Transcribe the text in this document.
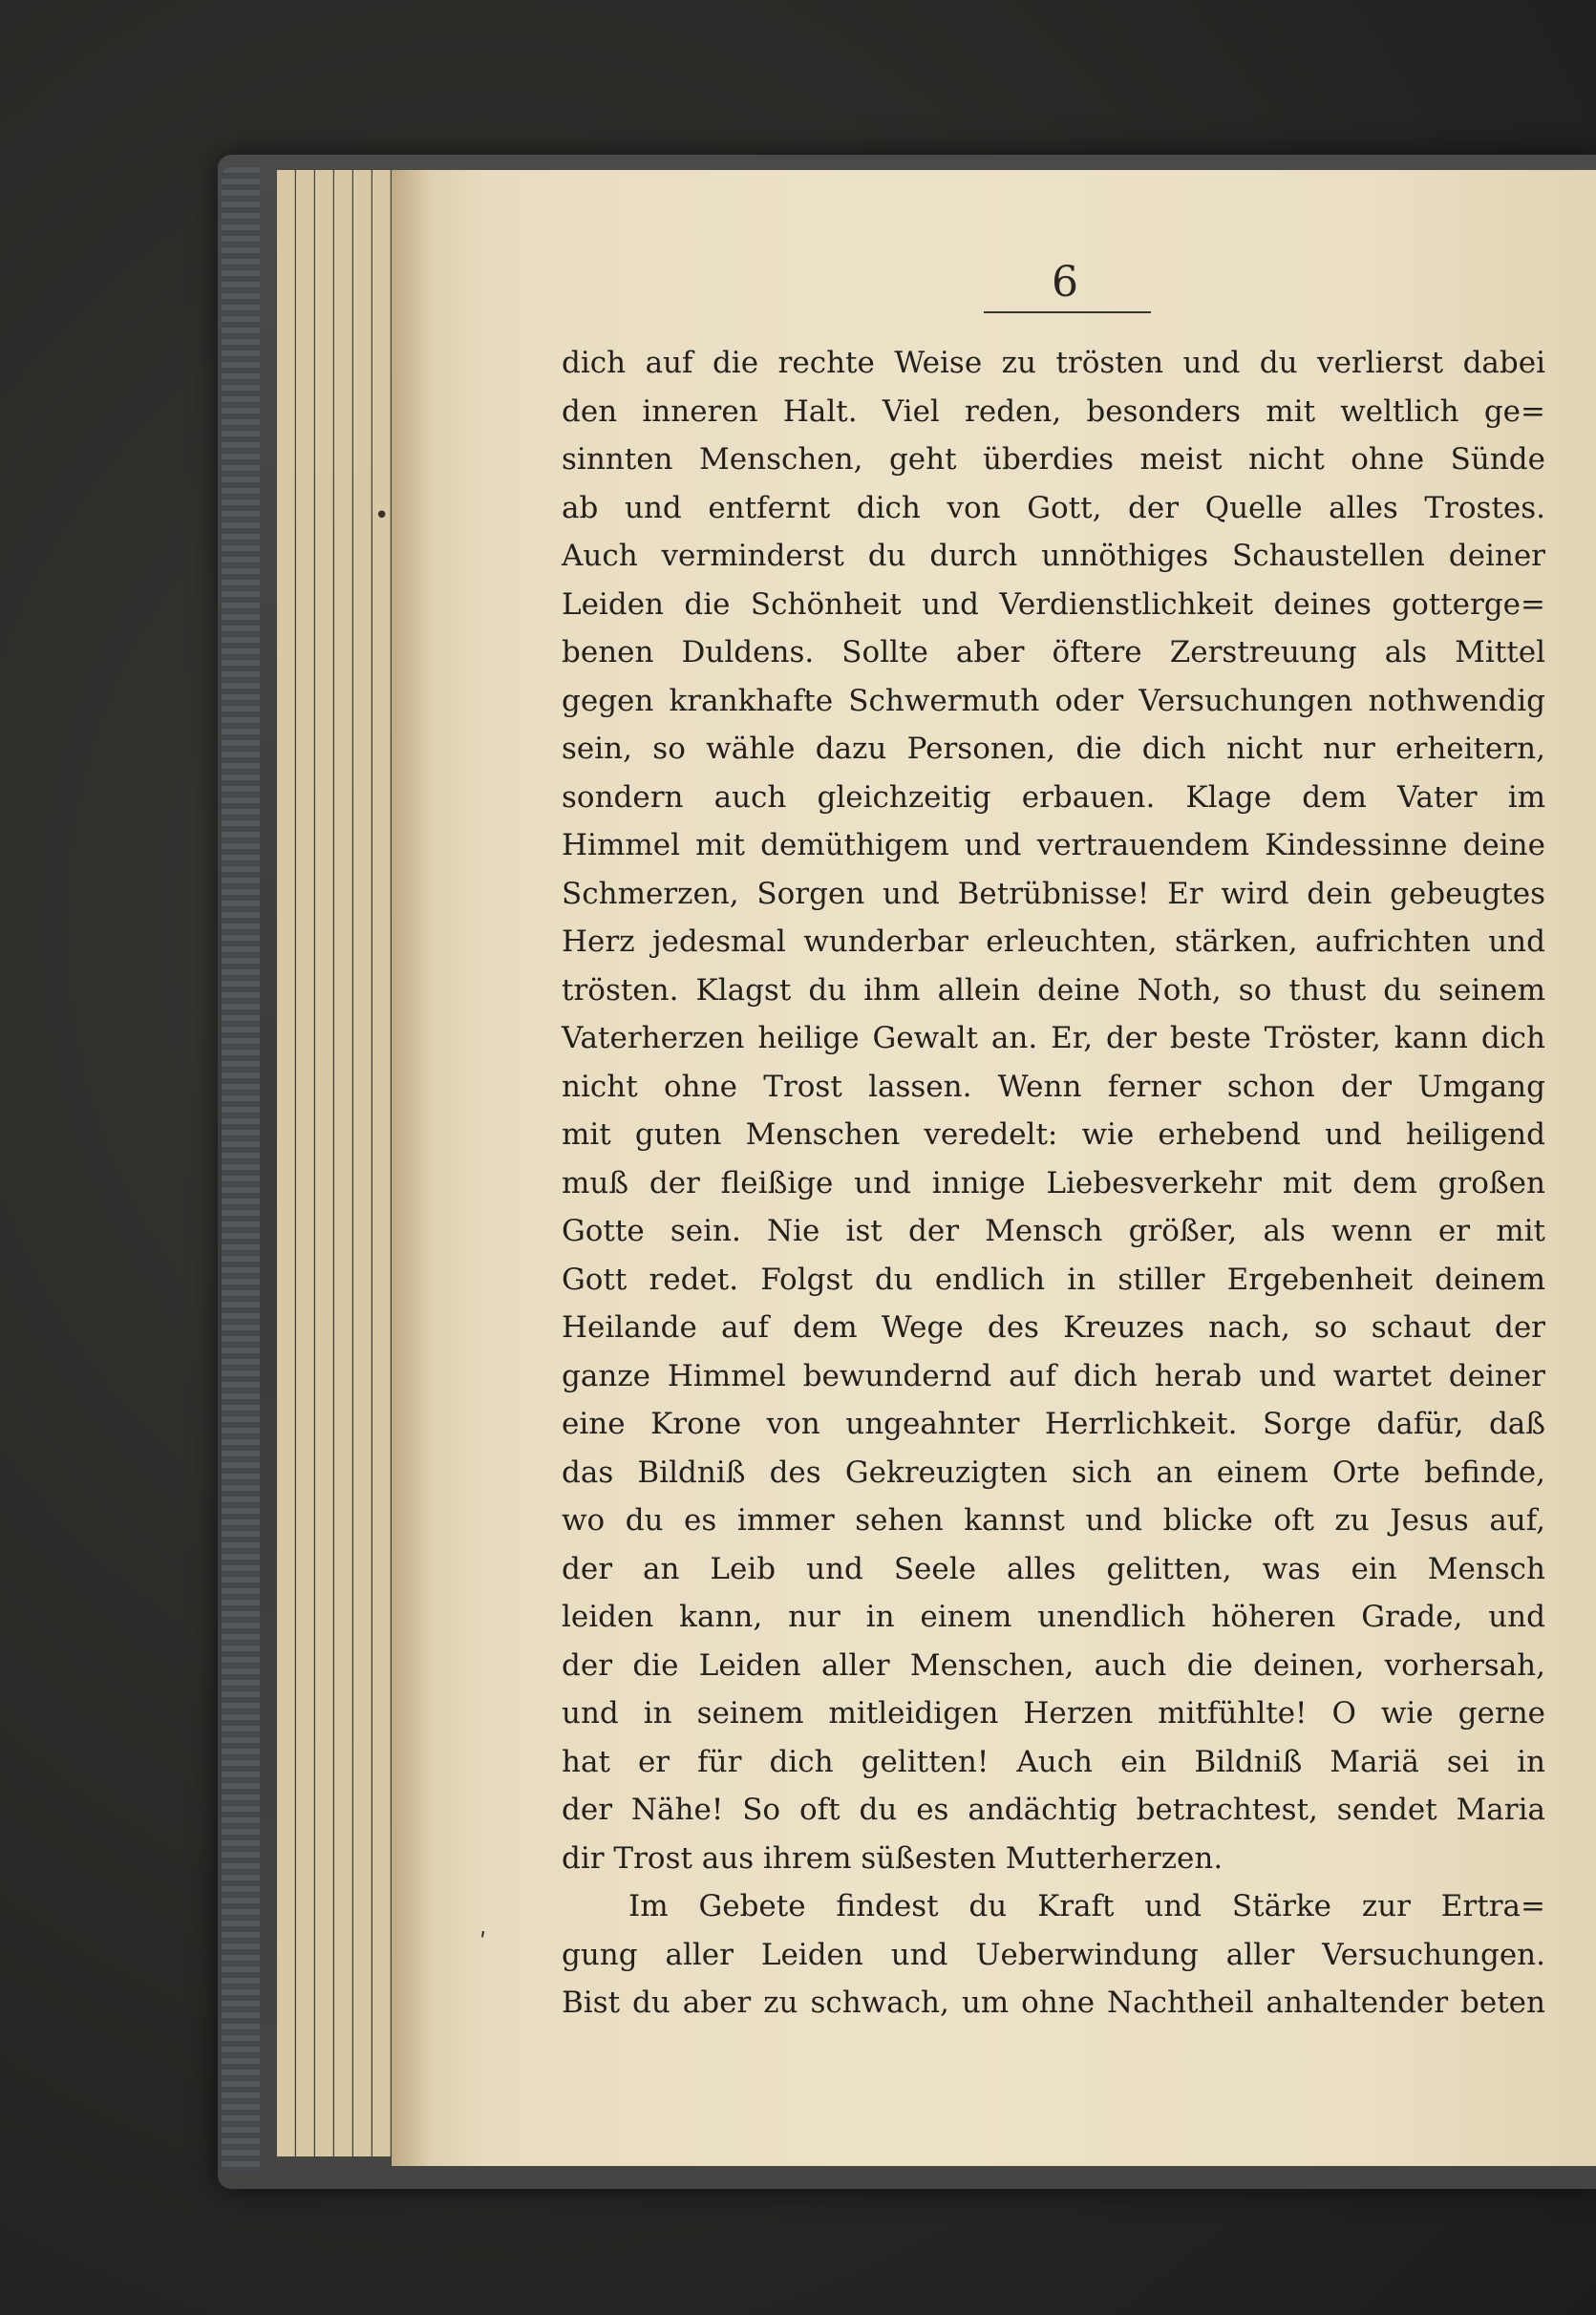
6
•
ʹ
dich auf die rechte Weise zu trösten und du verlierst dabei
den inneren Halt. Viel reden, besonders mit weltlich ge=
sinnten Menschen, geht überdies meist nicht ohne Sünde
ab und entfernt dich von Gott, der Quelle alles Trostes.
Auch verminderst du durch unnöthiges Schaustellen deiner
Leiden die Schönheit und Verdienstlichkeit deines gotterge=
benen Duldens. Sollte aber öftere Zerstreuung als Mittel
gegen krankhafte Schwermuth oder Versuchungen nothwendig
sein, so wähle dazu Personen, die dich nicht nur erheitern,
sondern auch gleichzeitig erbauen. Klage dem Vater im
Himmel mit demüthigem und vertrauendem Kindessinne deine
Schmerzen, Sorgen und Betrübnisse! Er wird dein gebeugtes
Herz jedesmal wunderbar erleuchten, stärken, aufrichten und
trösten. Klagst du ihm allein deine Noth, so thust du seinem
Vaterherzen heilige Gewalt an. Er, der beste Tröster, kann dich
nicht ohne Trost lassen. Wenn ferner schon der Umgang
mit guten Menschen veredelt: wie erhebend und heiligend
muß der fleißige und innige Liebesverkehr mit dem großen
Gotte sein. Nie ist der Mensch größer, als wenn er mit
Gott redet. Folgst du endlich in stiller Ergebenheit deinem
Heilande auf dem Wege des Kreuzes nach, so schaut der
ganze Himmel bewundernd auf dich herab und wartet deiner
eine Krone von ungeahnter Herrlichkeit. Sorge dafür, daß
das Bildniß des Gekreuzigten sich an einem Orte befinde,
wo du es immer sehen kannst und blicke oft zu Jesus auf,
der an Leib und Seele alles gelitten, was ein Mensch
leiden kann, nur in einem unendlich höheren Grade, und
der die Leiden aller Menschen, auch die deinen, vorhersah,
und in seinem mitleidigen Herzen mitfühlte! O wie gerne
hat er für dich gelitten! Auch ein Bildniß Mariä sei in
der Nähe! So oft du es andächtig betrachtest, sendet Maria
dir Trost aus ihrem süßesten Mutterherzen.
Im Gebete findest du Kraft und Stärke zur Ertra=
gung aller Leiden und Ueberwindung aller Versuchungen.
Bist du aber zu schwach, um ohne Nachtheil anhaltender beten
